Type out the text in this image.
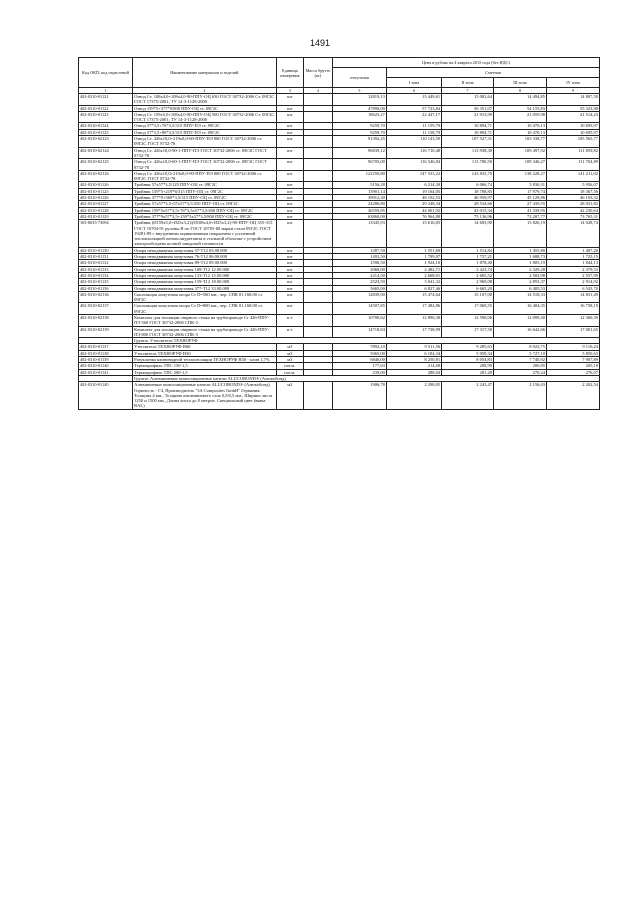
1491
Код ОКП, код отраслевой	Наименование материалов и изделий	Единица измерения	Масса брутто (кг)	Цена в рублях на 4 квартал 2015 года (без НДС)				
				отпускная	Сметная			
					I зона	II зона	III зона	IV зона
1	2	3	4	5	6	7	8	9
402-0310-01121	Отвод Ст. 108х4,0+108х4,0-90-ППУ-ОЦ 630 ГОСТ 30732-2006 Ст. 09Г2С ГОСТ 17375-2001; ТУ 14-3-1128-2000	шт		12819,13	15 449,61	15 082,64	14 494,85	14 807,50
402-0310-01122	Отвод 159*5+377*9/800 ППУ-ОЦ ст. 09Г2С	шт		47896,00	57 723,84	56 351,07	54 155,83	55 323,98
402-0310-01123	Отвод Ст. 159х5,0+108х4,0-90-ППУ-ОЦ 500 ГОСТ 30732-2006 Ст. 09Г2С ГОСТ 17375-2001; ТУ 14-3-1128-2000	шт		18625,27	22 447,17	21 913,99	21 059,98	21 514,23
402-0310-01124	Отвод 57*3,5+76*3,5/315 ППУ-ПЭ ст. 09Г2С	шт		9259,70	11 159,79	10 894,71	10 470,13	10 695,97
402-0310-01125	Отвод 57*3,5+89*3,5/315 ППУ-ПЭ ст. 09Г2С	шт		9259,70	11 158,79	10 894,71	10 470,13	10 695,97
402-0310-02123	Отвод Ст. 426х10,0+219х8,0-60-ППУ-ПЭ 800 ГОСТ 30732-2006 ст. 09Г2С ГОСТ 8732-78	шт		91392,25	110 143,50	107 527,31	103 338,77	105 565,77
402-0310-02124	Отвод Ст. 426х10,0-90-1-ППУ-ПЭ ГОСТ 30732-2006 ст. 09Г2С ГОСТ 8732-78	шт		96839,12	116 710,48	113 938,30	109 497,92	111 859,82
402-0310-02125	Отвод Ст. 426х10,0-60-1-ППУ-ПЭ ГОСТ 30732-2006 ст. 09Г2С ГОСТ 8732-78	шт		96705,00	116 546,84	113 780,50	109 346,27	111 704,89
402-0310-02126	Отвод Ст. 426х10,0+219х8,0-90-ППУ-ПЭ 800 ГОСТ 30732-2006 ст. 09Г2С ГОСТ 8732-78	шт		122250,80	147 333,22	143 833,70	138 228,27	141 211,02
402-0310-01126	Тройник 57х57*3,5/125 ППУ-ОЦ ст. 09Г2С	шт		5156,28	6 214,30	6 066,74	5 830,31	5 956,07
402-0310-01125	Тройник 159*5+219*6/315 ППУ-ОЦ ст. 09Г2С	шт		15901,14	19 164,05	18 708,85	17 979,74	18 367,56
402-0310-01126	Тройник 377*9+560*3,5/315 ППУ-ОЦ ст. 09Г2С	шт		39912,30	48 102,53	46 959,97	45 129,86	46 103,32
402-0310-01127	Тройник 57х57*3,5+57х57*3,5/250 ППУ-ОЦ ст. 09Г2С	шт		24286,80	29 248,34	28 534,66	27 439,55	28 031,82
402-0310-01128	Тройник 159*5х57*3,5+76*3,5х57*3,5/400 ППУ-ОЦ ст. 09Г2С	шт		36559,85	44 061,92	43 015,34	41 339,95	42 230,64
402-0310-01129	Тройник 377*9х57*3,5+159*5х57*3,5/800 ППУ-ОЦ ст. 09Г2С	шт		63860,00	76 964,88	75 136,96	72 207,77	73 765,31
103-8635-73094	Тройник (Ø159х5,0+Ø25х3,2)/(Ø108х4,0+Ø25х3,2)-90-ППУ-ОЦ 355-315 ГОСТ 10704-91 рулоны В по ГОСТ 10705-80 марки стали 09Г2С ГОСТ 19281-89 с внутренним оцинкованным покрытием с усиленной теплоизоляцией пенополиуретаном в стальной оболочке с устройством электрообогрева полной заводской готовности	шт		13345,93	15 616,05	14 683,90	13 826,19	14 028,74
402-0310-01130	Опора неподвижная хомутовая 57-Т12 03.00.000	шт		1287,50	1 551,69	1 514,84	1 455,80	1 487,20
402-0310-01131	Опора неподвижная хомутовая 76-Т12 06.00.000	шт		1493,50	1 799,97	1 757,21	1 688,73	1 725,15
402-0310-01132	Опора неподвижная хомутовая 89-Т12 09.00.000	шт		1596,50	1 924,10	1 878,40	1 805,19	1 844,13
402-0310-01133	Опора неподвижная хомутовая 108-Т12 12.00.000	шт		2060,00	2 482,71	2 423,74	2 329,28	2 379,53
402-0310-01134	Опора неподвижная хомутовая 133-Т12 15.00.000	шт		2214,50	2 668,91	2 605,52	2 503,98	2 557,99
402-0310-01135	Опора неподвижная хомутовая 159-Т12 18.00.000	шт		2523,50	3 041,32	2 969,08	2 853,37	2 914,92
402-0310-01136	Опора неподвижная хомутовая 377-Т12 33.00.000	шт		5665,00	6 827,46	6 665,29	6 405,53	6 543,70
402-0310-02136	Скользящая хомутовая опора Ст D=560 мм., чер. СПК 01.168.00 ст. 09Г2С	шт		12839,90	15 474,64	15 107,08	14 518,33	14 831,49
402-0310-02137	Скользящая хомутовая опора Ст D=800 мм., чер. СПК 01.168.00 ст. 09Г2С	шт		14507,85	17 484,86	17 069,55	16 404,35	16 758,19
402-0310-02138	Комплект для изоляции сварного стыка на трубопроводе Ст 426-ППУ-ПЭ 560 ГОСТ 30732-2006 СПК-3	к-т		10700,62	12 896,38	12 590,06	12 099,40	12 360,39
402-0310-02139	Комплект для изоляции сварного стыка на трубопроводе Ст 426-ППУ-ПЭ 800 ГОСТ 30732-2006 СПК-3	к-т		14718,84	17 738,99	17 317,58	16 642,66	17 001,65
	Группа: Утеплитель ТЕХНОРУФ							
402-0310-01137	Утеплитель ТЕХНОРУФ В60	м3		7892,10	9 511,56	9 285,63	8 923,75	9 116,24
402-0310-01138	Утеплитель ТЕХНОРУФ Н30	м3		5065,00	6 104,34	5 959,34	5 727,10	5 850,63
402-0310-01139	Разуклонка клиновидной теплоизоляции ТЕХНОРУФ Н30 - клин 1,7%	м3		6846,00	8 250,81	8 054,83	7 740,92	7 907,89
402-0310-01140	Термопрофиль ТПС 150-1,5	пог.м.		177,63	214,08	208,99	200,85	205,18
402-0310-01141	Термопрофиль ТПС 200-1,5	пог.м.		239,00	288,04	281,20	270,24	276,07
	Группа: Алюминиевые композиционные панели ALUCOBOND® (Алюкобонд)							
402-0310-01140	Алюминиевые композиционные панели ALUCOBOND® (Алюкобонд) Горючесть - Г4, Производитель "3A Composites GmbH" Германия. Толщина 4 мм., Толщина алюминиевого слоя 0,5/0,5 мм., Ширина листа 1250 и 1500 мм., Длина листа до 8 метров. Специальный цвет (вязка RAL)	м2		1906,78	2 298,05	2 243,47	2 156,03	2 202,54
